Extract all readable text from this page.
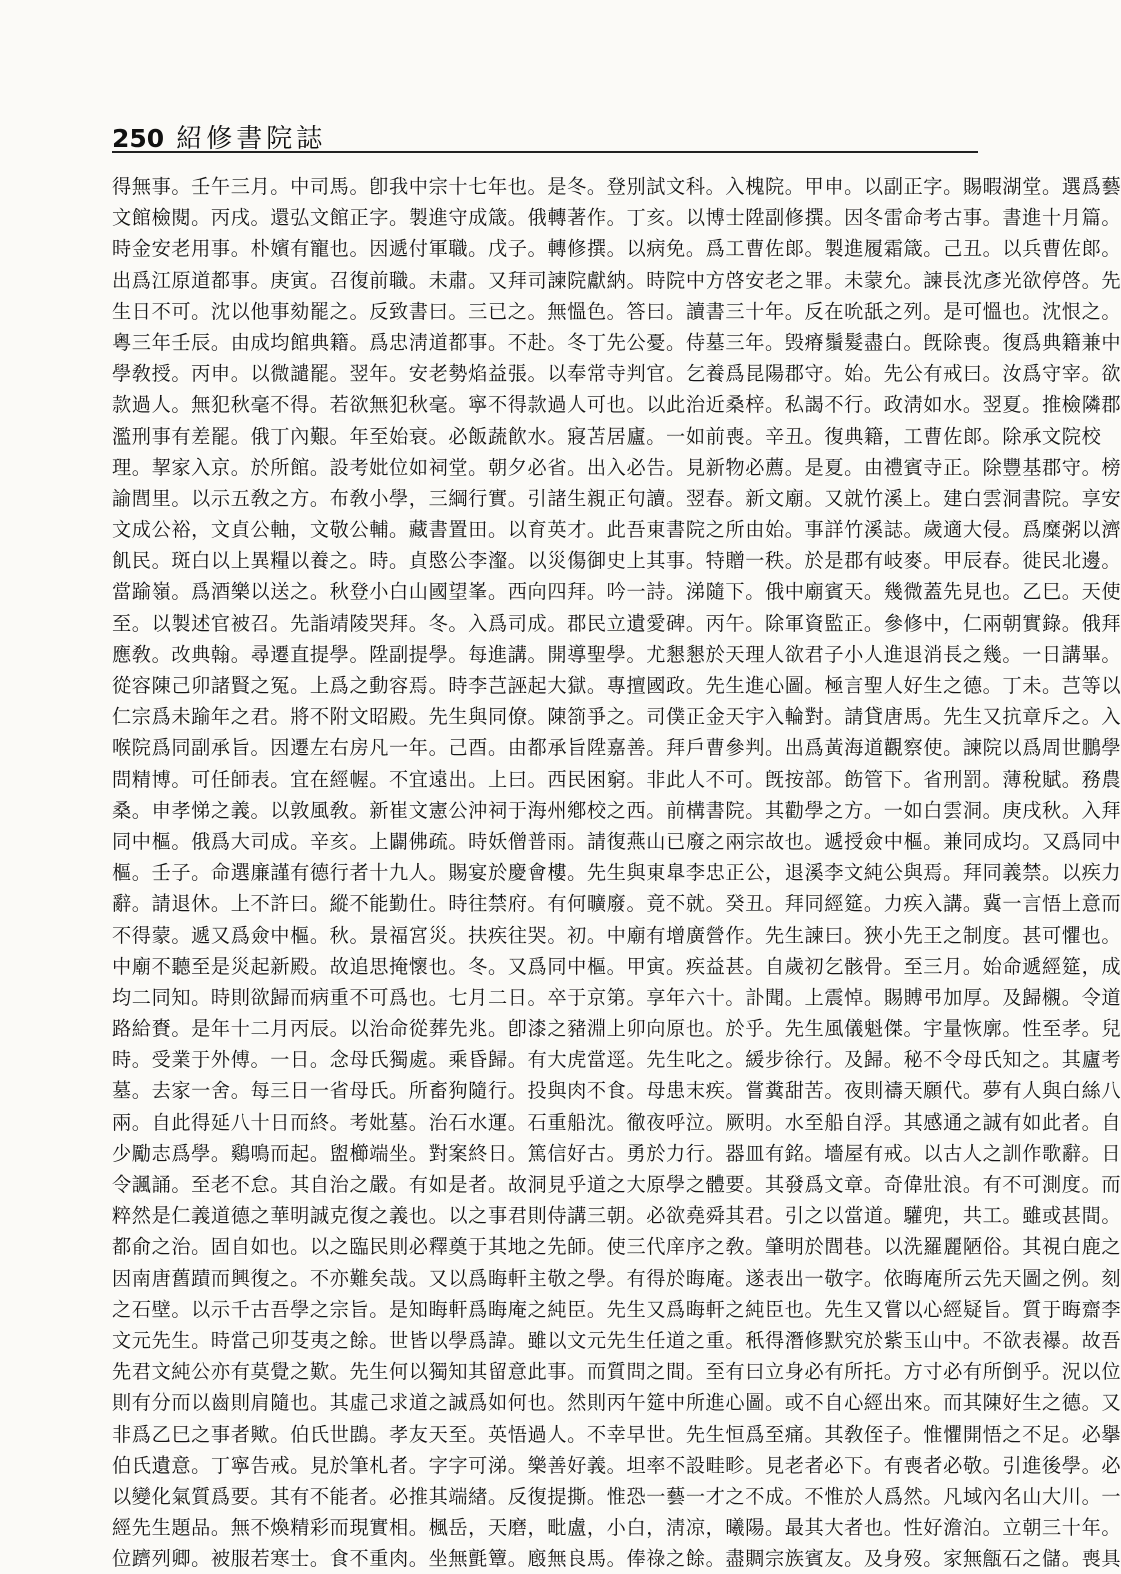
250 紹修書院誌
得無事。壬午三月。中司馬。卽我中宗十七年也。是冬。登別試文科。入槐院。甲申。以副正字。賜暇湖堂。選爲藝
文館檢閱。丙戌。還弘文館正字。製進守成箴。俄轉著作。丁亥。以博士陞副修撰。因冬雷命考古事。書進十月篇。
時金安老用事。朴嬪有寵也。因遞付軍職。戊子。轉修撰。以病免。爲工曹佐郞。製進履霜箴。己丑。以兵曹佐郞。
出爲江原道都事。庚寅。召復前職。未肅。又拜司諫院獻納。時院中方啓安老之罪。未蒙允。諫長沈彥光欲停啓。先
生日不可。沈以他事劾罷之。反致書曰。三已之。無慍色。答曰。讀書三十年。反在吮舐之列。是可慍也。沈恨之。
粵三年壬辰。由成均館典籍。爲忠淸道都事。不赴。冬丁先公憂。侍墓三年。毁瘠鬚髮盡白。旣除喪。復爲典籍兼中
學敎授。丙申。以微譴罷。翌年。安老勢焰益張。以奉常寺判官。乞養爲昆陽郡守。始。先公有戒曰。汝爲守宰。欲
款過人。無犯秋毫不得。若欲無犯秋毫。寧不得款過人可也。以此治近桑梓。私謁不行。政淸如水。翌夏。推檢隣郡
濫刑事有差罷。俄丁內艱。年至始衰。必飯蔬飮水。寢苫居廬。一如前喪。辛丑。復典籍，工曹佐郞。除承文院校
理。挈家入京。於所館。設考妣位如祠堂。朝夕必省。出入必告。見新物必薦。是夏。由禮賓寺正。除豐基郡守。榜
諭閭里。以示五敎之方。布敎小學，三綱行實。引諸生親正句讀。翌春。新文廟。又就竹溪上。建白雲洞書院。享安
文成公裕，文貞公軸，文敬公輔。藏書置田。以育英才。此吾東書院之所由始。事詳竹溪誌。歲適大侵。爲糜粥以濟
飢民。斑白以上異糧以養之。時。貞愍公李瀣。以災傷御史上其事。特贈一秩。於是郡有岐麥。甲辰春。徙民北邊。
當踰嶺。爲酒樂以送之。秋登小白山國望峯。西向四拜。吟一詩。涕隨下。俄中廟賓天。幾微蓋先見也。乙巳。天使
至。以製述官被召。先詣靖陵哭拜。冬。入爲司成。郡民立遺愛碑。丙午。除軍資監正。參修中，仁兩朝實錄。俄拜
應敎。改典翰。尋遷直提學。陞副提學。每進講。開導聖學。尤懇懇於天理人欲君子小人進退消長之幾。一日講畢。
從容陳己卯諸賢之冤。上爲之動容焉。時李芑誣起大獄。專擅國政。先生進心圖。極言聖人好生之德。丁未。芑等以
仁宗爲未踰年之君。將不附文昭殿。先生與同僚。陳箚爭之。司僕正金天宇入輪對。請貸唐馬。先生又抗章斥之。入
喉院爲同副承旨。因遷左右房凡一年。己酉。由都承旨陞嘉善。拜戶曹參判。出爲黃海道觀察使。諫院以爲周世鵬學
問精博。可任師表。宜在經幄。不宜遠出。上曰。西民困窮。非此人不可。旣按部。飭管下。省刑罰。薄稅賦。務農
桑。申孝悌之義。以敦風敎。新崔文憲公沖祠于海州鄕校之西。前構書院。其勸學之方。一如白雲洞。庚戌秋。入拜
同中樞。俄爲大司成。辛亥。上闢佛疏。時妖僧普雨。請復燕山已廢之兩宗故也。遞授僉中樞。兼同成均。又爲同中
樞。壬子。命選廉謹有德行者十九人。賜宴於慶會樓。先生與東臯李忠正公，退溪李文純公與焉。拜同義禁。以疾力
辭。請退休。上不許曰。縱不能勤仕。時往禁府。有何曠廢。竟不就。癸丑。拜同經筵。力疾入講。冀一言悟上意而
不得蒙。遞又爲僉中樞。秋。景福宮災。扶疾往哭。初。中廟有增廣營作。先生諫曰。狹小先王之制度。甚可懼也。
中廟不聽至是災起新殿。故追思掩懷也。冬。又爲同中樞。甲寅。疾益甚。自歲初乞骸骨。至三月。始命遞經筵，成
均二同知。時則欲歸而病重不可爲也。七月二日。卒于京第。享年六十。訃聞。上震悼。賜賻弔加厚。及歸櫬。令道
路給賚。是年十二月丙辰。以治命從葬先兆。卽漆之豬淵上卯向原也。於乎。先生風儀魁傑。宇量恢廓。性至孝。兒
時。受業于外傅。一日。念母氏獨處。乘昏歸。有大虎當逕。先生叱之。緩步徐行。及歸。秘不令母氏知之。其廬考
墓。去家一舍。每三日一省母氏。所畜狗隨行。投與肉不食。母患末疾。嘗糞甜苦。夜則禱天願代。夢有人與白絲八
兩。自此得延八十日而終。考妣墓。治石水運。石重船沈。徹夜呼泣。厥明。水至船自浮。其感通之誠有如此者。自
少勵志爲學。鷄鳴而起。盥櫛端坐。對案終日。篤信好古。勇於力行。器皿有銘。墻屋有戒。以古人之訓作歌辭。日
令諷誦。至老不怠。其自治之嚴。有如是者。故洞見乎道之大原學之體要。其發爲文章。奇偉壯浪。有不可測度。而
粹然是仁義道德之華明誠克復之義也。以之事君則侍講三朝。必欲堯舜其君。引之以當道。驩兜，共工。雖或甚間。
都俞之治。固自如也。以之臨民則必釋奠于其地之先師。使三代庠序之敎。肇明於閭巷。以洗羅麗陋俗。其視白鹿之
因南唐舊蹟而興復之。不亦難矣哉。又以爲晦軒主敬之學。有得於晦庵。遂表出一敬字。依晦庵所云先天圖之例。刻
之石壁。以示千古吾學之宗旨。是知晦軒爲晦庵之純臣。先生又爲晦軒之純臣也。先生又嘗以心經疑旨。質于晦齋李
文元先生。時當己卯芟夷之餘。世皆以學爲諱。雖以文元先生任道之重。秖得潛修默究於紫玉山中。不欲表襮。故吾
先君文純公亦有莫覺之歎。先生何以獨知其留意此事。而質問之間。至有曰立身必有所托。方寸必有所倒乎。況以位
則有分而以齒則肩隨也。其虛己求道之誠爲如何也。然則丙午筵中所進心圖。或不自心經出來。而其陳好生之德。又
非爲乙巳之事者歟。伯氏世鵾。孝友天至。英悟過人。不幸早世。先生恒爲至痛。其敎侄子。惟懼開悟之不足。必擧
伯氏遺意。丁寧告戒。見於筆札者。字字可涕。樂善好義。坦率不設畦畛。見老者必下。有喪者必敬。引進後學。必
以變化氣質爲要。其有不能者。必推其端緖。反復提撕。惟恐一藝一才之不成。不惟於人爲然。凡域內名山大川。一
經先生題品。無不煥精彩而現實相。楓岳，天磨，毗盧，小白，淸凉，曦陽。最其大者也。性好澹泊。立朝三十年。
位躋列卿。被服若寒士。食不重肉。坐無氈簟。廏無良馬。俸祿之餘。盡賙宗族賓友。及身歿。家無甔石之儲。喪具
